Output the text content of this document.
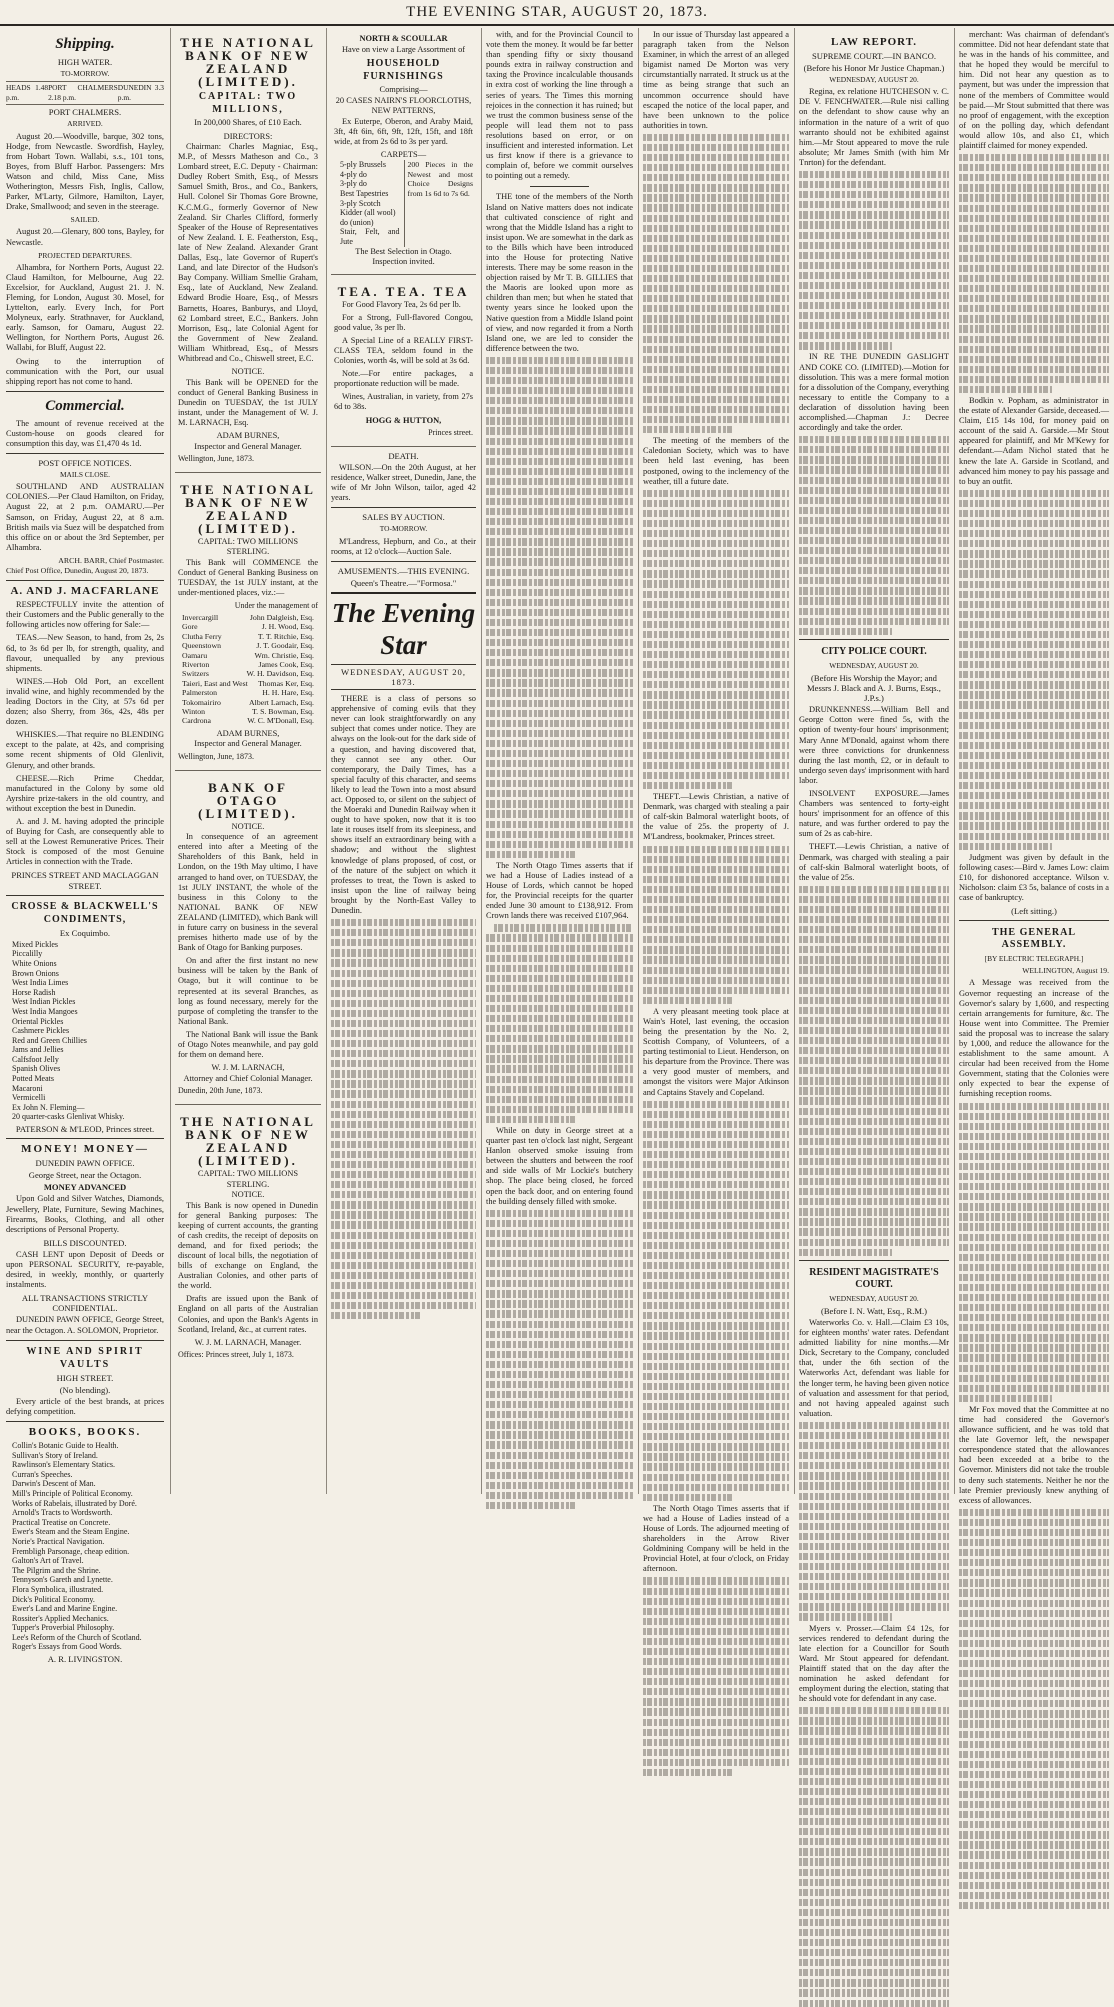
THE EVENING STAR, AUGUST 20, 1873.
Shipping.
HIGH WATER.
TO-MORROW.
HEADS 1.48 p.m.
PORT CHALMERS 2.18 p.m.
DUNEDIN 3.3 p.m.
PORT CHALMERS.
ARRIVED.

August 20.—Woodville, barque, 302 tons, Hodge, from Newcastle. Swordfish, Hayley, from Hobart Town. Wallabi, s.s., 101 tons, Boyes, from Bluff Harbor. Passengers: Mrs Watson and child, Miss Cane, Miss Wotherington, Messrs Fish, Inglis, Callow, Parker, M'Larty, Gilmore, Hamilton, Layer, Drake, Smallwood; and seven in the steerage.

SAILED.

August 20.—Glenary, 800 tons, Bayley, for Newcastle.

PROJECTED DEPARTURES.

Alhambra, for Northern Ports, August 22. Claud Hamilton, for Melbourne, Aug 22. Excelsior, for Auckland, August 21. J. N. Fleming, for London, August 30. Mosel, for Lyttelton, early. Every Inch, for Port Molyneux, early. Strathnaver, for Auckland, early. Samson, for Oamaru, August 22. Wellington, for Northern Ports, August 26. Wallabi, for Bluff, August 22.

Owing to the interruption of communication with the Port, our usual shipping report has not come to hand.

Commercial.

The amount of revenue received at the Custom-house on goods cleared for consumption this day, was £1,470 4s 1d.

POST OFFICE NOTICES.
MAILS CLOSE.

SOUTHLAND AND AUSTRALIAN COLONIES.—Per Claud Hamilton, on Friday, August 22, at 2 p.m. OAMARU.—Per Samson, on Friday, August 22, at 8 a.m. British mails via Suez will be despatched from this office on or about the 3rd September, per Alhambra.

ARCH. BARR, Chief Postmaster.
Chief Post Office, Dunedin, August 20, 1873.
A. AND J. MACFARLANE

RESPECTFULLY invite the attention of their Customers and the Public generally to the following articles now offering for Sale:—

TEAS.—New Season, to hand, from 2s, 2s 6d, to 3s 6d per lb, for strength, quality, and flavour, unequalled by any previous shipments.

WINES.—Hob Old Port, an excellent invalid wine, and highly recommended by the leading Doctors in the City, at 57s 6d per dozen; also Sherry, from 36s, 42s, 48s per dozen.

WHISKIES.—That require no BLENDING except to the palate, at 42s, and comprising some recent shipments of Old Glenlivit, Glenury, and other brands.

CHEESE.—Rich Prime Cheddar, manufactured in the Colony by some old Ayrshire prize-takers in the old country, and without exception the best in Dunedin.

A. and J. M. having adopted the principle of Buying for Cash, are consequently able to sell at the Lowest Remunerative Prices. Their Stock is composed of the most Genuine Articles in connection with the Trade.

PRINCES STREET AND MACLAGGAN STREET.
CROSSE & BLACKWELL'S CONDIMENTS,
Ex Coquimbo.
Mixed Pickles
Piccalilly
White Onions
Brown Onions
West India Limes
Horse Radish
West Indian Pickles
West India Mangoes
Oriental Pickles
Cashmere Pickles
Red and Green Chillies
Jams and Jellies
Calfsfoot Jelly
Spanish Olives
Potted Meats
Macaroni
Vermicelli
Ex John N. Fleming—
20 quarter-casks Glenlivat Whisky.
PATERSON & M'LEOD, Princes street.
MONEY! MONEY—
DUNEDIN PAWN OFFICE.
George Street, near the Octagon.
MONEY ADVANCED

Upon Gold and Silver Watches, Diamonds, Jewellery, Plate, Furniture, Sewing Machines, Firearms, Books, Clothing, and all other descriptions of Personal Property.

BILLS DISCOUNTED.

CASH LENT upon Deposit of Deeds or upon PERSONAL SECURITY, re-payable, desired, in weekly, monthly, or quarterly instalments.

ALL TRANSACTIONS STRICTLY CONFIDENTIAL.

DUNEDIN PAWN OFFICE, George Street, near the Octagon. A. SOLOMON, Proprietor.

WINE AND SPIRIT VAULTS
HIGH STREET.
(No blending).

Every article of the best brands, at prices defying competition.

BOOKS, BOOKS.
Collin's Botanic Guide to Health.
Sullivan's Story of Ireland.
Rawlinson's Elementary Statics.
Curran's Speeches.
Darwin's Descent of Man.
Mill's Principle of Political Economy.
Works of Rabelais, illustrated by Doré.
Arnold's Tracts to Wordsworth.
Practical Treatise on Concrete.
Ewer's Steam and the Steam Engine.
Norie's Practical Navigation.
Frembligh Parsonage, cheap edition.
Galton's Art of Travel.
The Pilgrim and the Shrine.
Tennyson's Gareth and Lynette.
Flora Symbolica, illustrated.
Dick's Political Economy.
Ewer's Land and Marine Engine.
Rossiter's Applied Mechanics.
Tupper's Proverbial Philosophy.
Lee's Reform of the Church of Scotland.
Roger's Essays from Good Words.
A. R. LIVINGSTON.
THE NATIONAL BANK OF NEW ZEALAND (LIMITED).
CAPITAL: TWO MILLIONS,
In 200,000 Shares, of £10 Each.
DIRECTORS:

Chairman: Charles Magniac, Esq., M.P., of Messrs Matheson and Co., 3 Lombard street, E.C. Deputy - Chairman: Dudley Robert Smith, Esq., of Messrs Samuel Smith, Bros., and Co., Bankers, Hull. Colonel Sir Thomas Gore Browne, K.C.M.G., formerly Governor of New Zealand. Sir Charles Clifford, formerly Speaker of the House of Representatives of New Zealand. I. E. Featherston, Esq., late of New Zealand. Alexander Grant Dallas, Esq., late Governor of Rupert's Land, and late Director of the Hudson's Bay Company. William Smellie Graham, Esq., late of Auckland, New Zealand. Edward Brodie Hoare, Esq., of Messrs Barnetts, Hoares, Banburys, and Lloyd, 62 Lombard street, E.C., Bankers. John Morrison, Esq., late Colonial Agent for the Government of New Zealand. William Whitbread, Esq., of Messrs Whitbread and Co., Chiswell street, E.C.

NOTICE.

This Bank will be OPENED for the conduct of General Banking Business in Dunedin on TUESDAY, the 1st JULY instant, under the Management of W. J. M. LARNACH, Esq.

ADAM BURNES,
Inspector and General Manager.
Wellington, June, 1873.
THE NATIONAL BANK OF NEW ZEALAND (LIMITED).
CAPITAL: TWO MILLIONS STERLING.

This Bank will COMMENCE the Conduct of General Banking Business on TUESDAY, the 1st JULY instant, at the under-mentioned places, viz.:—

Under the management of
Invercargill	John Dalgleish, Esq.
Gore	J. H. Wood, Esq.
Clutha Ferry	T. T. Ritchie, Esq.
Queenstown	J. T. Goodair, Esq.
Oamaru	Wm. Christie, Esq.
Riverton	James Cook, Esq.
Switzers	W. H. Davidson, Esq.
Taieri, East and West Thomas Ker, Esq.
Palmerston	H. H. Hare, Esq.
Tokomairiro	Albert Larnach, Esq.
Winton	T. S. Bowman, Esq.
Cardrona	W. C. M'Donall, Esq.
ADAM BURNES,
Inspector and General Manager.
Wellington, June, 1873.
BANK OF OTAGO (LIMITED).
NOTICE.

In consequence of an agreement entered into after a Meeting of the Shareholders of this Bank, held in London, on the 19th May ultimo, I have arranged to hand over, on TUESDAY, the 1st JULY INSTANT, the whole of the business in this Colony to the NATIONAL BANK OF NEW ZEALAND (LIMITED), which Bank will in future carry on business in the several premises hitherto made use of by the Bank of Otago for Banking purposes.

On and after the first instant no new business will be taken by the Bank of Otago, but it will continue to be represented at its several Branches, as long as found necessary, merely for the purpose of completing the transfer to the National Bank.

The National Bank will issue the Bank of Otago Notes meanwhile, and pay gold for them on demand here.

W. J. M. LARNACH,
Attorney and Chief Colonial Manager.
Dunedin, 20th June, 1873.
THE NATIONAL BANK OF NEW ZEALAND (LIMITED).
CAPITAL: TWO MILLIONS STERLING.
NOTICE.

This Bank is now opened in Dunedin for general Banking purposes: The keeping of current accounts, the granting of cash credits, the receipt of deposits on demand, and for fixed periods; the discount of local bills, the negotiation of bills of exchange on England, the Australian Colonies, and other parts of the world.

Drafts are issued upon the Bank of England on all parts of the Australian Colonies, and upon the Bank's Agents in Scotland, Ireland, &c., at current rates.

W. J. M. LARNACH, Manager.
Offices: Princes street, July 1, 1873.
NORTH & SCOULLAR
Have on view a Large Assortment of
HOUSEHOLD FURNISHINGS
Comprising—
20 CASES NAIRN'S FLOORCLOTHS, NEW PATTERNS,

Ex Euterpe, Oberon, and Araby Maid, 3ft, 4ft 6in, 6ft, 9ft, 12ft, 15ft, and 18ft wide, at from 2s 6d to 3s per yard.

CARPETS—
5-ply Brussels
4-ply do
3-ply do
Best Tapestries
3-ply Scotch
Kidder (all wool)
do (union)
Stair, Felt, and Jute
200 Pieces in the Newest and most Choice Designs from 1s 6d to 7s 6d.
The Best Selection in Otago.
Inspection invited.
TEA. TEA. TEA

For Good Flavory Tea, 2s 6d per lb.

For a Strong, Full-flavored Congou, good value, 3s per lb.

A Special Line of a REALLY FIRST-CLASS TEA, seldom found in the Colonies, worth 4s, will be sold at 3s 6d.

Note.—For entire packages, a proportionate reduction will be made.

Wines, Australian, in variety, from 27s 6d to 38s.

HOGG & HUTTON,
Princes street.
DEATH.

WILSON.—On the 20th August, at her residence, Walker street, Dunedin, Jane, the wife of Mr John Wilson, tailor, aged 42 years.

SALES BY AUCTION.
TO-MORROW.

M'Landress, Hepburn, and Co., at their rooms, at 12 o'clock—Auction Sale.

AMUSEMENTS.—THIS EVENING.
Queen's Theatre.—"Formosa."
The Evening Star
WEDNESDAY, AUGUST 20, 1873.

THERE is a class of persons so apprehensive of coming evils that they never can look straightforwardly on any subject that comes under notice. They are always on the look-out for the dark side of a question, and having discovered that, they cannot see any other. Our contemporary, the Daily Times, has a special faculty of this character, and seems likely to lead the Town into a most absurd act. Opposed to, or silent on the subject of the Moeraki and Dunedin Railway when it ought to have spoken, now that it is too late it rouses itself from its sleepiness, and shows itself an extraordinary being with a shadow; and without the slightest knowledge of plans proposed, of cost, or of the nature of the subject on which it professes to treat, the Town is asked to insist upon the line of railway being brought by the North-East Valley to Dunedin.

with, and for the Provincial Council to vote them the money. It would be far better than spending fifty or sixty thousand pounds extra in railway construction and taxing the Province incalculable thousands in extra cost of working the line through a series of years. The Times this morning rejoices in the connection it has ruined; but we trust the common business sense of the people will lead them not to pass resolutions based on error, or on insufficient and interested information. Let us first know if there is a grievance to complain of, before we commit ourselves to pointing out a remedy.

THE tone of the members of the North Island on Native matters does not indicate that cultivated conscience of right and wrong that the Middle Island has a right to insist upon. We are somewhat in the dark as to the Bills which have been introduced into the House for protecting Native interests. There may be some reason in the objection raised by Mr T. B. GILLIES that the Maoris are looked upon more as children than men; but when he stated that twenty years since he looked upon the Native question from a Middle Island point of view, and now regarded it from a North Island one, we are led to consider the difference between the two.

The North Otago Times asserts that if we had a House of Ladies instead of a House of Lords, which cannot be hoped for, the Provincial receipts for the quarter ended June 30 amount to £138,912. From Crown lands there was received £107,964.

While on duty in George street at a quarter past ten o'clock last night, Sergeant Hanlon observed smoke issuing from between the shutters and between the roof and side walls of Mr Lockie's butchery shop. The place being closed, he forced open the back door, and on entering found the building densely filled with smoke.

In our issue of Thursday last appeared a paragraph taken from the Nelson Examiner, in which the arrest of an alleged bigamist named De Morton was very circumstantially narrated. It struck us at the time as being strange that such an uncommon occurrence should have escaped the notice of the local paper, and have been unknown to the police authorities in town.

The meeting of the members of the Caledonian Society, which was to have been held last evening, has been postponed, owing to the inclemency of the weather, till a future date.

THEFT.—Lewis Christian, a native of Denmark, was charged with stealing a pair of calf-skin Balmoral waterlight boots, of the value of 25s. the property of J. M'Landress, bookmaker, Princes street.

A very pleasant meeting took place at Wain's Hotel, last evening, the occasion being the presentation by the No. 2, Scottish Company, of Volunteers, of a parting testimonial to Lieut. Henderson, on his departure from the Province. There was a very good muster of members, and amongst the visitors were Major Atkinson and Captains Stavely and Copeland.

The North Otago Times asserts that if we had a House of Ladies instead of a House of Lords. The adjourned meeting of shareholders in the Arrow River Goldmining Company will be held in the Provincial Hotel, at four o'clock, on Friday afternoon.

LAW REPORT.
SUPREME COURT.—IN BANCO.
(Before his Honor Mr Justice Chapman.)
WEDNESDAY, AUGUST 20.

Regina, ex relatione HUTCHESON v. C. DE V. FENCHWATER.—Rule nisi calling on the defendant to show cause why an information in the nature of a writ of quo warranto should not be exhibited against him.—Mr Stout appeared to move the rule absolute; Mr James Smith (with him Mr Tnrton) for the defendant.

IN RE THE DUNEDIN GASLIGHT AND COKE CO. (LIMITED).—Motion for dissolution. This was a mere formal motion for a dissolution of the Company, everything necessary to entitle the Company to a declaration of dissolution having been accomplished.—Chapman J.: Decree accordingly and take the order.

CITY POLICE COURT.
WEDNESDAY, AUGUST 20.
(Before His Worship the Mayor; and Messrs J. Black and A. J. Burns, Esqs., J.P.s.)

DRUNKENNESS.—William Bell and George Cotton were fined 5s, with the option of twenty-four hours' imprisonment; Mary Anne M'Donald, against whom there were three convictions for drunkenness during the last month, £2, or in default to undergo seven days' imprisonment with hard labor.

INSOLVENT EXPOSURE.—James Chambers was sentenced to forty-eight hours' imprisonment for an offence of this nature, and was further ordered to pay the sum of 2s as cab-hire.

THEFT.—Lewis Christian, a native of Denmark, was charged with stealing a pair of calf-skin Balmoral waterlight boots, of the value of 25s.

RESIDENT MAGISTRATE'S COURT.
WEDNESDAY, AUGUST 20.
(Before I. N. Watt, Esq., R.M.)

Waterworks Co. v. Hall.—Claim £3 10s, for eighteen months' water rates. Defendant admitted liability for nine months.—Mr Dick, Secretary to the Company, concluded that, under the 6th section of the Waterworks Act, defendant was liable for the longer term, he having been given notice of valuation and assessment for that period, and not having appealed against such valuation.

Myers v. Prosser.—Claim £4 12s, for services rendered to defendant during the late election for a Councillor for South Ward. Mr Stout appeared for defendant. Plaintiff stated that on the day after the nomination he asked defendant for employment during the election, stating that he should vote for defendant in any case.

merchant: Was chairman of defendant's committee. Did not hear defendant state that he was in the hands of his committee, and that he hoped they would be merciful to him. Did not hear any question as to payment, but was under the impression that none of the members of Committee would be paid.—Mr Stout submitted that there was no proof of engagement, with the exception of on the polling day, which defendant would allow 10s, and also £1, which plaintiff claimed for money expended.

Bodkin v. Popham, as administrator in the estate of Alexander Garside, deceased.—Claim, £15 14s 10d, for money paid on account of the said A. Garside.—Mr Stout appeared for plaintiff, and Mr M'Kewy for defendant.—Adam Nichol stated that he knew the late A. Garside in Scotland, and advanced him money to pay his passage and to buy an outfit.

Judgment was given by default in the following cases:—Bird v. James Low: claim £10, for dishonored acceptance. Wilson v. Nicholson: claim £3 5s, balance of costs in a case of bankruptcy.

(Left sitting.)
THE GENERAL ASSEMBLY.
[BY ELECTRIC TELEGRAPH.]
WELLINGTON, August 19.

A Message was received from the Governor requesting an increase of the Governor's salary by 1,600, and respecting certain arrangements for furniture, &c. The House went into Committee. The Premier said the proposal was to increase the salary by 1,000, and reduce the allowance for the establishment to the same amount. A circular had been received from the Home Government, stating that the Colonies were only expected to bear the expense of furnishing reception rooms.

Mr Fox moved that the Committee at no time had considered the Governor's allowance sufficient, and he was told that the late Governor left, the newspaper correspondence stated that the allowances had been exceeded at a bribe to the Governor. Ministers did not take the trouble to deny such statements. Neither he nor the late Premier previously knew anything of excess of allowances.
